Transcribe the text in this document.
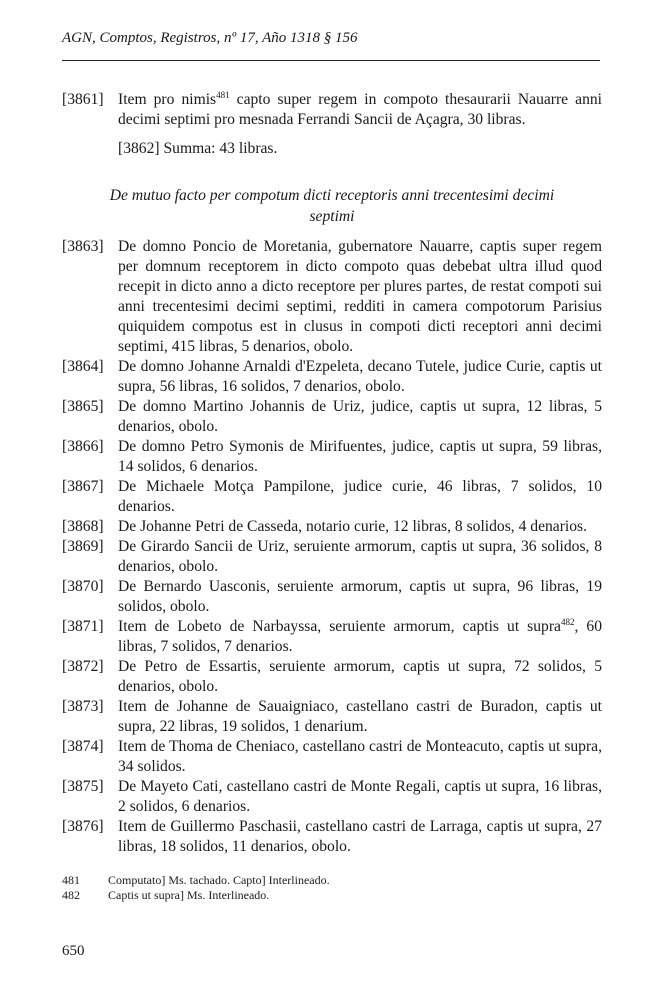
AGN, Comptos, Registros, nº 17, Año 1318 § 156

[3861] Item pro nimis$^{481}$ capto super regem in compoto thesaurarii Nauarre anni decimi septimi pro mesnada Ferrandi Sancii de Açagra, 30 libras.

[3862] Summa: 43 libras.

De mutuo facto per compotum dicti receptoris anni trecentesimi decimi
septimi

[3863] De domno Poncio de Moretania, gubernatore Nauarre, captis super regem per domnum receptorem in dicto compoto quas debebat ultra illud quod recepit in dicto anno a dicto receptore per plures partes, de restat compoti sui anni trecentesimi decimi septimi, redditi in camera compotorum Parisius quiquidem compotus est in clusus in compoti dicti receptori anni decimi septimi, 415 libras, 5 denarios, obolo.

[3864] De domno Johanne Arnaldi d'Ezpeleta, decano Tutele, judice Curie, captis ut supra, 56 libras, 16 solidos, 7 denarios, obolo.

[3865] De domno Martino Johannis de Uriz, judice, captis ut supra, 12 libras, 5 denarios, obolo.

[3866] De domno Petro Symonis de Mirifuentes, judice, captis ut supra, 59 libras, 14 solidos, 6 denarios.

[3867] De Michaele Motça Pampilone, judice curie, 46 libras, 7 solidos, 10 denarios.

[3868] De Johanne Petri de Casseda, notario curie, 12 libras, 8 solidos, 4 denarios.

[3869] De Girardo Sancii de Uriz, seruiente armorum, captis ut supra, 36 solidos, 8 denarios, obolo.

[3870] De Bernardo Uasconis, seruiente armorum, captis ut supra, 96 libras, 19 solidos, obolo.

[3871] Item de Lobeto de Narbayssa, seruiente armorum, captis ut supra$^{482}$, 60 libras, 7 solidos, 7 denarios.

[3872] De Petro de Essartis, seruiente armorum, captis ut supra, 72 solidos, 5 denarios, obolo.

[3873] Item de Johanne de Sauaigniaco, castellano castri de Buradon, captis ut supra, 22 libras, 19 solidos, 1 denarium.

[3874] Item de Thoma de Cheniaco, castellano castri de Monteacuto, captis ut supra, 34 solidos.

[3875] De Mayeto Cati, castellano castri de Monte Regali, captis ut supra, 16 libras, 2 solidos, 6 denarios.

[3876] Item de Guillermo Paschasii, castellano castri de Larraga, captis ut supra, 27 libras, 18 solidos, 11 denarios, obolo.

481	Computato] Ms. tachado. Capto] Interlineado.
482	Captis ut supra] Ms. Interlineado.
650
